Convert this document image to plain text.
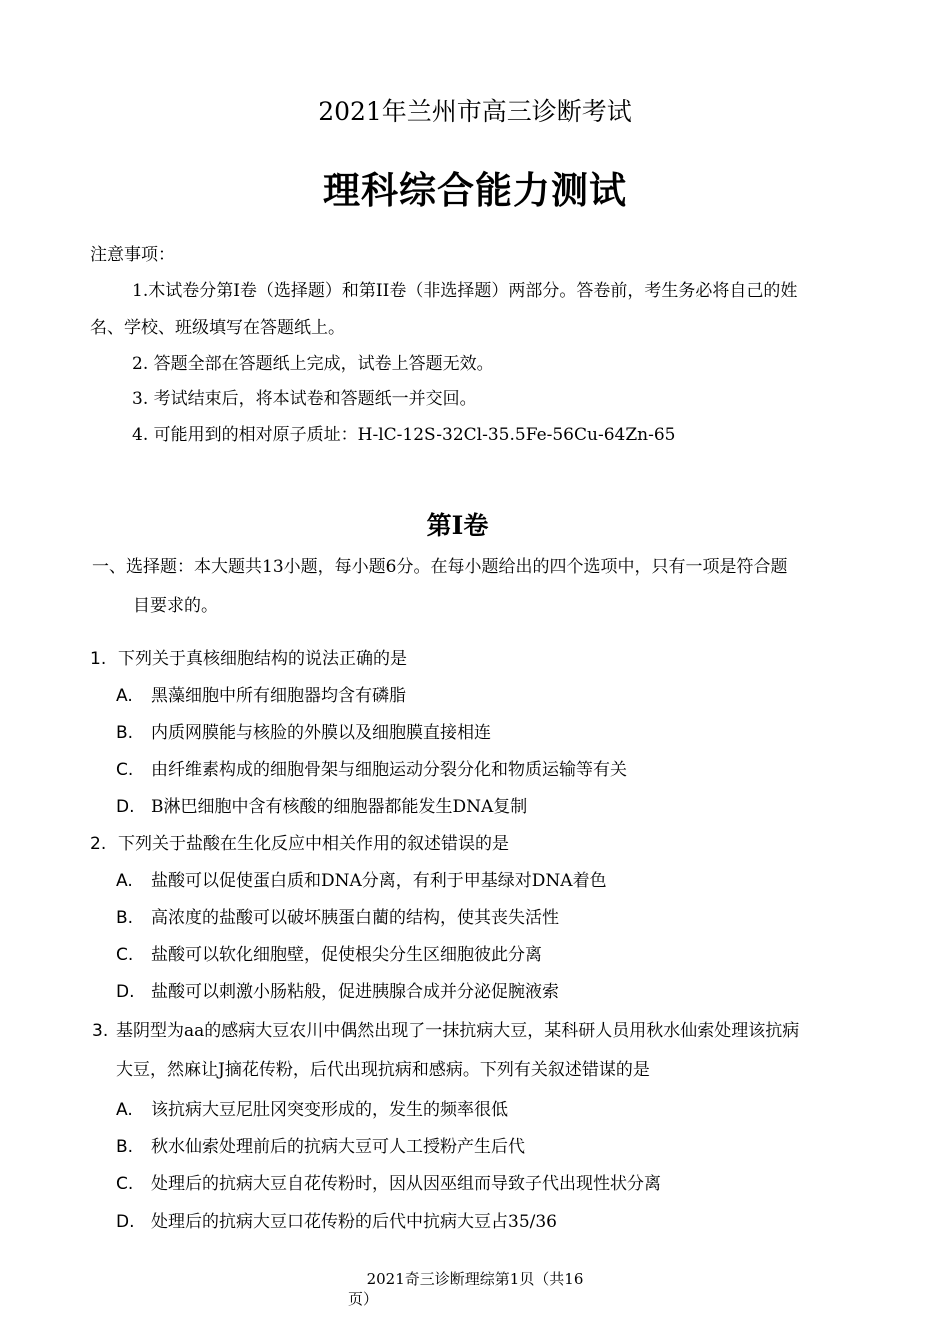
2021年兰州市高三诊断考试
理科综合能力测试
注意事项：
1.木试卷分第I卷（选择题）和第II卷（非选择题）两部分。答卷前，考生务必将自己的姓
名、学校、班级填写在答题纸上。
2. 答题全部在答题纸上完成，试卷上答题无效。
3. 考试结束后，将本试卷和答题纸一并交回。
4. 可能用到的相对原子质址：H-lC-12S-32Cl-35.5Fe-56Cu-64Zn-65
第I卷
一、选择题：本大题共13小题，每小题6分。在每小题给出的四个选项中，只有一项是符合题
目要求的。
1. 下列关于真核细胞结构的说法正确的是
A. 黑藻细胞中所有细胞器均含有磷脂
B. 内质网膜能与核脸的外膜以及细胞膜直接相连
C. 由纤维素构成的细胞骨架与细胞运动分裂分化和物质运输等有关
D. B淋巴细胞中含有核酸的细胞器都能发生DNA复制
2. 下列关于盐酸在生化反应中相关作用的叙述错误的是
A. 盐酸可以促使蛋白质和DNA分离，有利于甲基绿对DNA着色
B. 高浓度的盐酸可以破坏胰蛋白藺的结构，使其丧失活性
C. 盐酸可以软化细胞壁，促使根尖分生区细胞彼此分离
D. 盐酸可以刺激小肠粘般，促进胰腺合成并分泌促腕液索
3. 基阴型为aa的感病大豆农川中偶然出现了一抹抗病大豆，某科研人员用秋水仙索处理该抗病
大豆，然麻让J摘花传粉，后代出现抗病和感病。下列有关叙述错谋的是
A. 该抗病大豆尼肚冈突变形成的，发生的频率很低
B. 秋水仙索处理前后的抗病大豆可人工授粉产生后代
C. 处理后的抗病大豆自花传粉时，因从因巫组而导致子代出现性状分离
D. 处理后的抗病大豆口花传粉的后代中抗病大豆占35/36
2021奇三诊断理综第1贝（共16
页）
